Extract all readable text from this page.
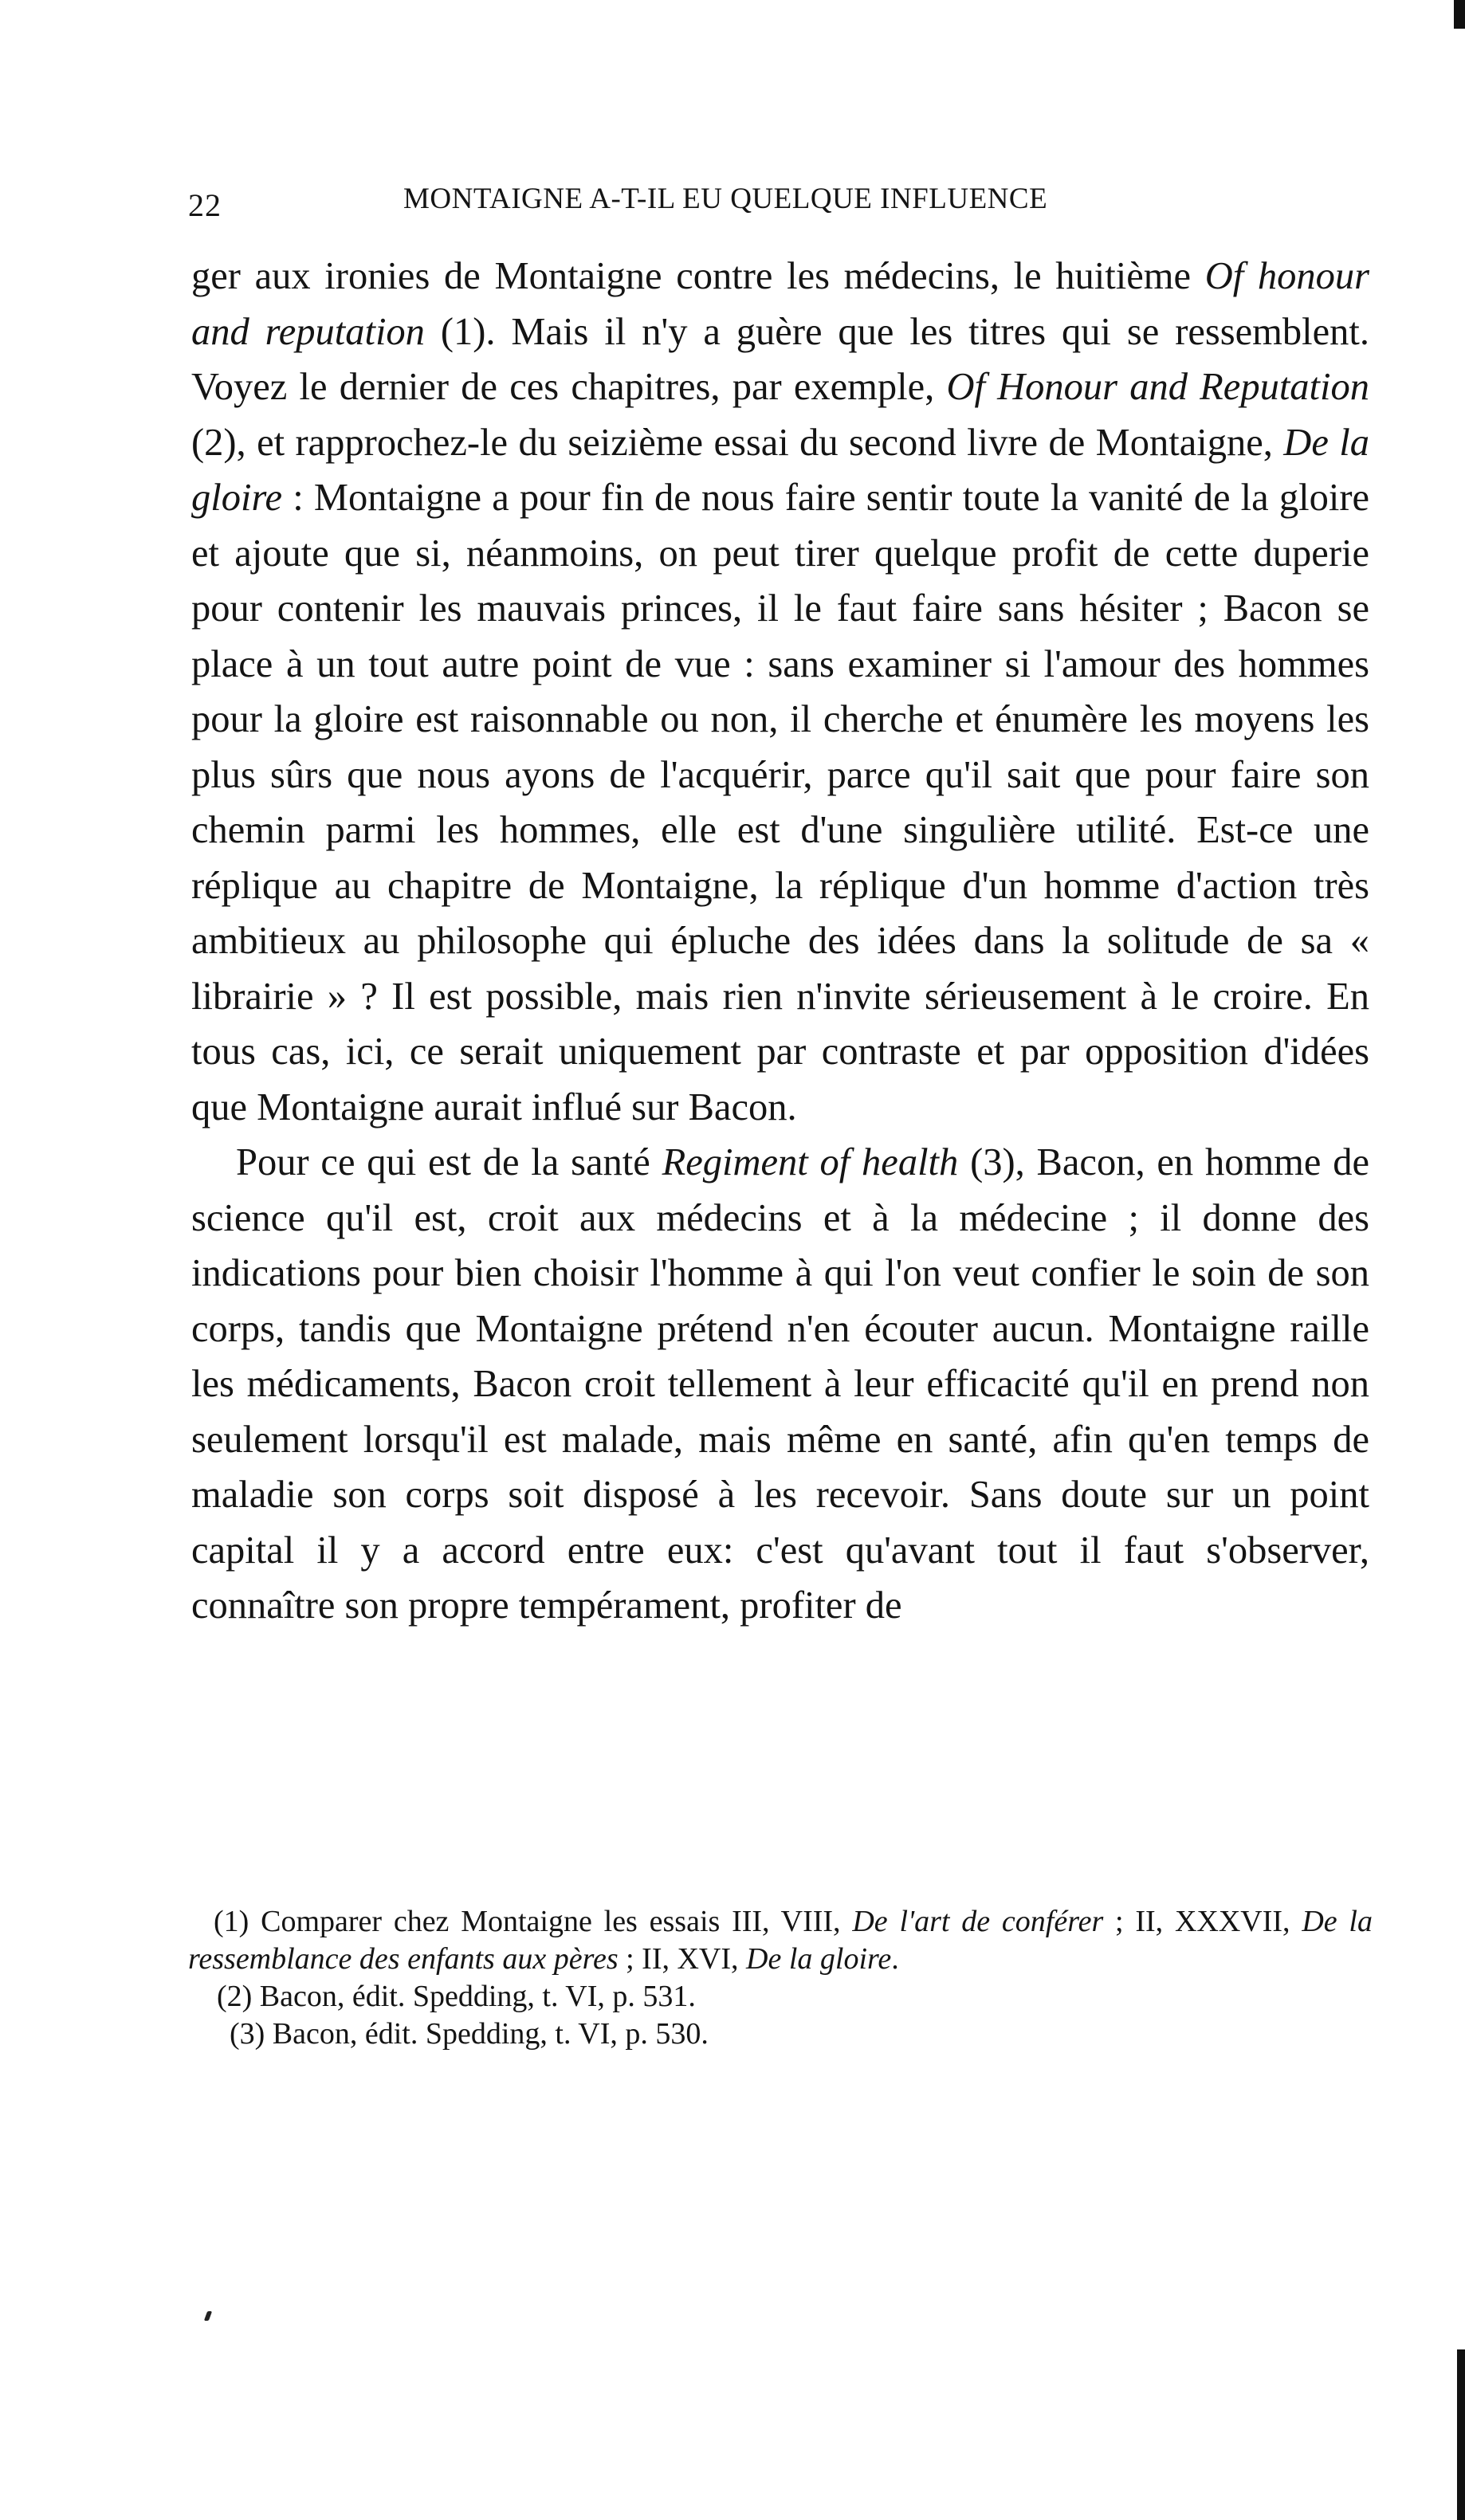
22	MONTAIGNE A-T-IL EU QUELQUE INFLUENCE

ger aux ironies de Montaigne contre les médecins, le huitième Of honour and reputation (1). Mais il n'y a guère que les titres qui se ressemblent. Voyez le dernier de ces chapitres, par exemple, Of Honour and Reputation (2), et rapprochez-le du seizième essai du second livre de Montaigne, De la gloire : Montaigne a pour fin de nous faire sentir toute la vanité de la gloire et ajoute que si, néanmoins, on peut tirer quelque profit de cette duperie pour contenir les mauvais princes, il le faut faire sans hésiter ; Bacon se place à un tout autre point de vue : sans examiner si l'amour des hommes pour la gloire est raisonnable ou non, il cherche et énumère les moyens les plus sûrs que nous ayons de l'acquérir, parce qu'il sait que pour faire son chemin parmi les hommes, elle est d'une singulière utilité. Est-ce une réplique au chapitre de Montaigne, la réplique d'un homme d'action très ambitieux au philosophe qui épluche des idées dans la solitude de sa « librairie » ? Il est possible, mais rien n'invite sérieusement à le croire. En tous cas, ici, ce serait uniquement par contraste et par opposition d'idées que Montaigne aurait influé sur Bacon.

Pour ce qui est de la santé Regiment of health (3), Bacon, en homme de science qu'il est, croit aux médecins et à la médecine ; il donne des indications pour bien choisir l'homme à qui l'on veut confier le soin de son corps, tandis que Montaigne prétend n'en écouter aucun. Montaigne raille les médicaments, Bacon croit tellement à leur efficacité qu'il en prend non seulement lorsqu'il est malade, mais même en santé, afin qu'en temps de maladie son corps soit disposé à les recevoir. Sans doute sur un point capital il y a accord entre eux: c'est qu'avant tout il faut s'observer, connaître son propre tempérament, profiter de

(1) Comparer chez Montaigne les essais III, VIII, De l'art de conférer ; II, XXXVII, De la ressemblance des enfants aux pères ; II, XVI, De la gloire.

(2) Bacon, édit. Spedding, t. VI, p. 531.

(3) Bacon, édit. Spedding, t. VI, p. 530.
